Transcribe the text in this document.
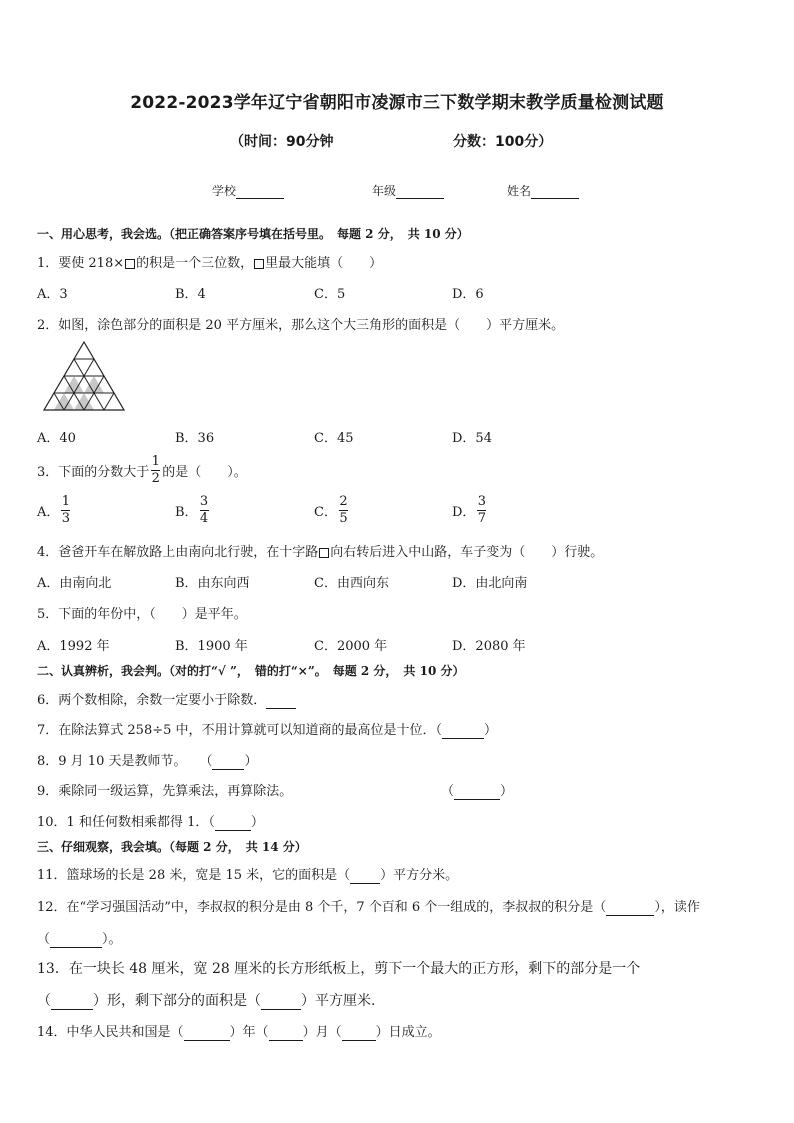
2022-2023学年辽宁省朝阳市凌源市三下数学期末教学质量检测试题
（时间：90分钟	分数：100分）
学校	年级	姓名
一、用心思考，我会选。（把正确答案序号填在括号里。　每题 2 分，　共 10 分）
1．要使 218× 的积是一个三位数， 里最大能填（　　）
A．3	B．4	C．5	D．6
2．如图，涂色部分的面积是 20 平方厘米，那么这个大三角形的面积是（　　）平方厘米。
A．40	B．36	C．45	D．54
3．下面的分数大于 $\frac{1}{2}$ 的是（　　）。
A． $\frac{1}{3}$	B． $\frac{3}{4}$	C． $\frac{2}{5}$	D． $\frac{3}{7}$
4．爸爸开车在解放路上由南向北行驶，在十字路 向右转后进入中山路，车子变为（　　）行驶。
A．由南向北	B．由东向西	C．由西向东	D．由北向南
5．下面的年份中，（　　）是平年。
A．1992 年	B．1900 年	C．2000 年	D．2080 年
二、认真辨析，我会判。（对的打“√ ”，　错的打“×”。　每题 2 分，　共 10 分）
6．两个数相除，余数一定要小于除数．
7．在除法算式 258÷5 中，不用计算就可以知道商的最高位是十位．（	）
8．9 月 10 天是教师节。　　（ ）
9．乘除同一级运算，先算乘法，再算除法。	（	）
10．1 和任何数相乘都得 1．（	）
三、仔细观察，我会填。（每题 2 分，　共 14 分）
11．篮球场的长是 28 米，宽是 15 米，它的面积是（ ）平方分米。
12．在“学习强国活动”中，李叔叔的积分是由 8 个千，7 个百和 6 个一组成的，李叔叔的积分是（	），读作
（	）。
13．在一块长 48 厘米，宽 28 厘米的长方形纸板上，剪下一个最大的正方形，剩下的部分是一个
（	）形，剩下部分的面积是（	）平方厘米.
14．中华人民共和国是（	）年（	）月（	）日成立。
